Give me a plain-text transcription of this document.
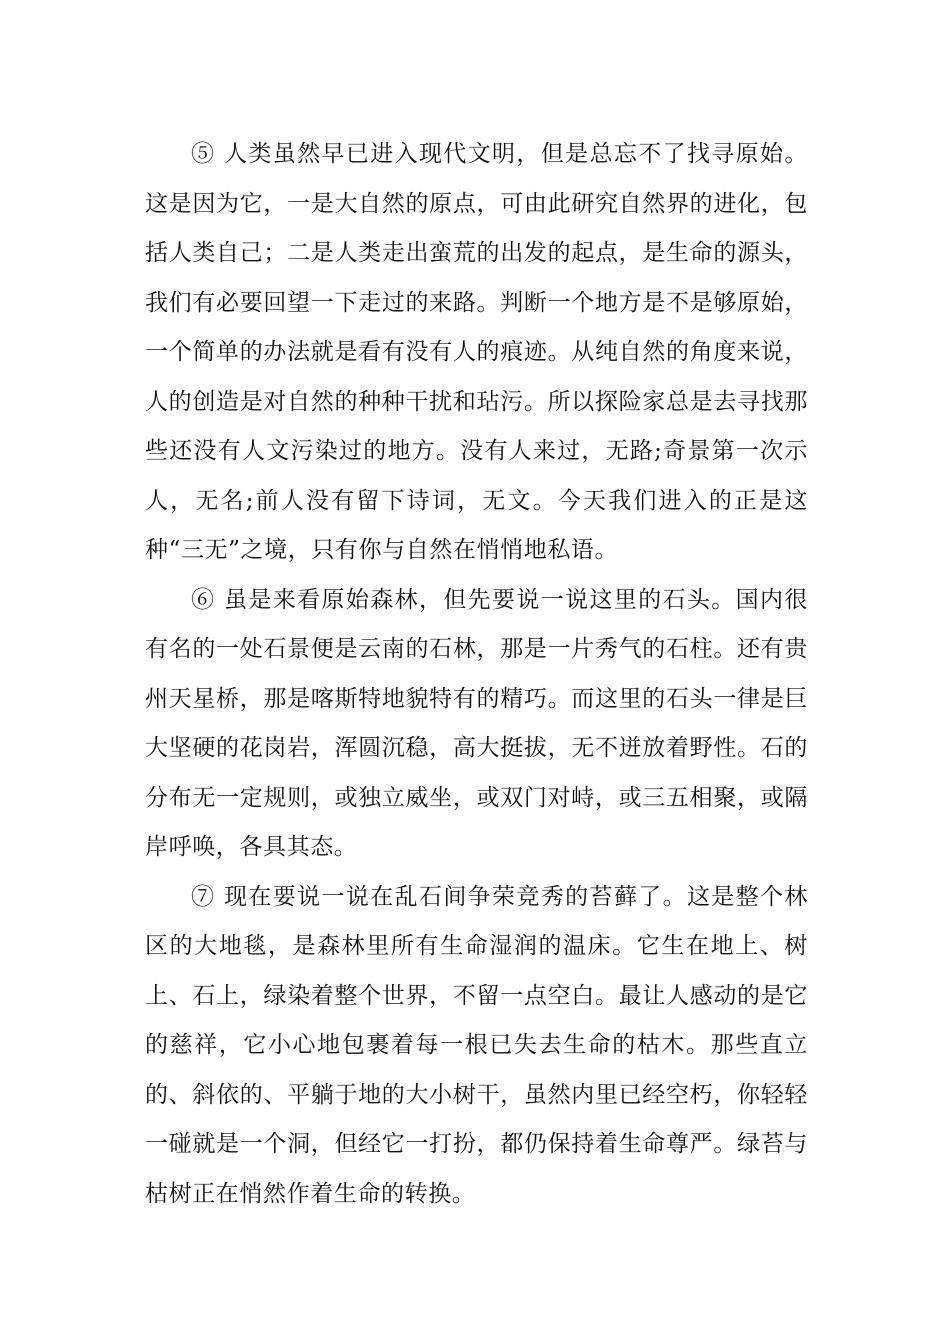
⑤ 人类虽然早已进入现代文明，但是总忘不了找寻原始。这是因为它，一是大自然的原点，可由此研究自然界的进化，包括人类自己；二是人类走出蛮荒的出发的起点，是生命的源头，我们有必要回望一下走过的来路。判断一个地方是不是够原始，一个简单的办法就是看有没有人的痕迹。从纯自然的角度来说，人的创造是对自然的种种干扰和玷污。所以探险家总是去寻找那些还没有人文污染过的地方。没有人来过，无路;奇景第一次示人，无名;前人没有留下诗词，无文。今天我们进入的正是这种“三无”之境，只有你与自然在悄悄地私语。

⑥ 虽是来看原始森林，但先要说一说这里的石头。国内很有名的一处石景便是云南的石林，那是一片秀气的石柱。还有贵州天星桥，那是喀斯特地貌特有的精巧。而这里的石头一律是巨大坚硬的花岗岩，浑圆沉稳，高大挺拔，无不迸放着野性。石的分布无一定规则，或独立威坐，或双门对峙，或三五相聚，或隔岸呼唤，各具其态。

⑦ 现在要说一说在乱石间争荣竞秀的苔藓了。这是整个林区的大地毯，是森林里所有生命湿润的温床。它生在地上、树上、石上，绿染着整个世界，不留一点空白。最让人感动的是它的慈祥，它小心地包裹着每一根已失去生命的枯木。那些直立的、斜依的、平躺于地的大小树干，虽然内里已经空朽，你轻轻一碰就是一个洞，但经它一打扮，都仍保持着生命尊严。绿苔与枯树正在悄然作着生命的转换。
